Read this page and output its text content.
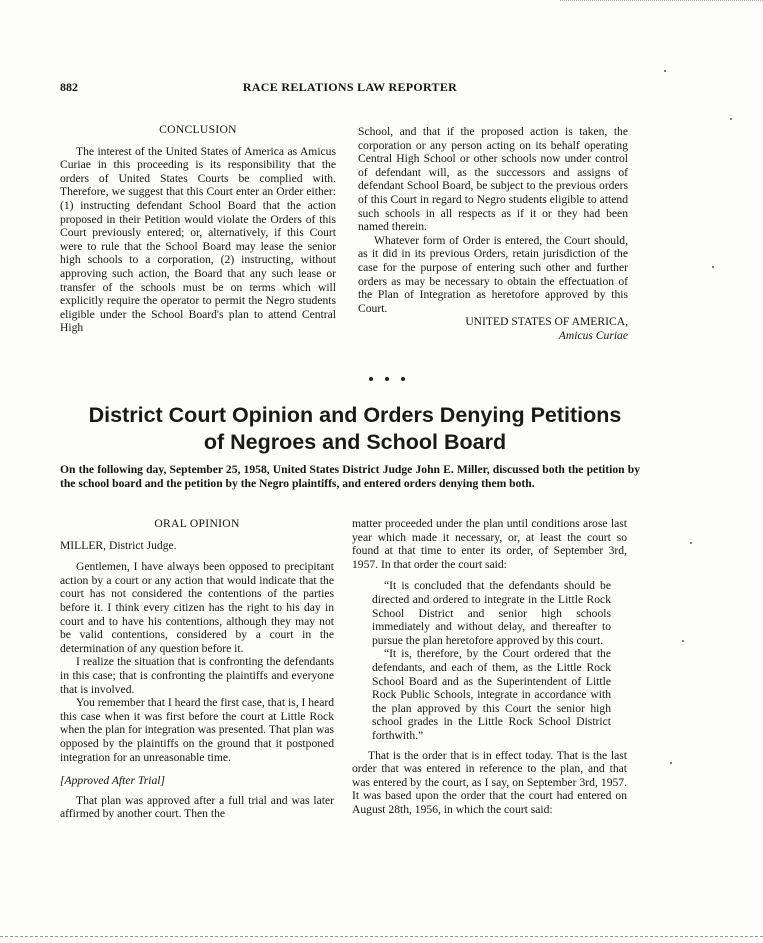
882	RACE RELATIONS LAW REPORTER

CONCLUSION

The interest of the United States of America as Amicus Curiae in this proceeding is its responsibility that the orders of United States Courts be complied with. Therefore, we suggest that this Court enter an Order either: (1) instructing defendant School Board that the action proposed in their Petition would violate the Orders of this Court previously entered; or, alternatively, if this Court were to rule that the School Board may lease the senior high schools to a corporation, (2) instructing, without approving such action, the Board that any such lease or transfer of the schools must be on terms which will explicitly require the operator to permit the Negro students eligible under the School Board's plan to attend Central High

School, and that if the proposed action is taken, the corporation or any person acting on its behalf operating Central High School or other schools now under control of defendant will, as the successors and assigns of defendant School Board, be subject to the previous orders of this Court in regard to Negro students eligible to attend such schools in all respects as if it or they had been named therein.

Whatever form of Order is entered, the Court should, as it did in its previous Orders, retain jurisdiction of the case for the purpose of entering such other and further orders as may be necessary to obtain the effectuation of the Plan of Integration as heretofore approved by this Court.

UNITED STATES OF AMERICA,

Amicus Curiae

District Court Opinion and Orders Denying Petitions
of Negroes and School Board
On the following day, September 25, 1958, United States District Judge John E. Miller, discussed both the petition by the school board and the petition by the Negro plaintiffs, and entered orders denying them both.

ORAL OPINION

MILLER, District Judge.

Gentlemen, I have always been opposed to precipitant action by a court or any action that would indicate that the court has not considered the contentions of the parties before it. I think every citizen has the right to his day in court and to have his contentions, although they may not be valid contentions, considered by a court in the determination of any question before it.

I realize the situation that is confronting the defendants in this case; that is confronting the plaintiffs and everyone that is involved.

You remember that I heard the first case, that is, I heard this case when it was first before the court at Little Rock when the plan for integration was presented. That plan was opposed by the plaintiffs on the ground that it postponed integration for an unreasonable time.

[Approved After Trial]

That plan was approved after a full trial and was later affirmed by another court. Then the

matter proceeded under the plan until conditions arose last year which made it necessary, or, at least the court so found at that time to enter its order, of September 3rd, 1957. In that order the court said:

“It is concluded that the defendants should be directed and ordered to integrate in the Little Rock School District and senior high schools immediately and without delay, and thereafter to pursue the plan heretofore approved by this court.

“It is, therefore, by the Court ordered that the defendants, and each of them, as the Little Rock School Board and as the Superintendent of Little Rock Public Schools, integrate in accordance with the plan approved by this Court the senior high school grades in the Little Rock School District forthwith.”

That is the order that is in effect today. That is the last order that was entered in reference to the plan, and that was entered by the court, as I say, on September 3rd, 1957. It was based upon the order that the court had entered on August 28th, 1956, in which the court said:
